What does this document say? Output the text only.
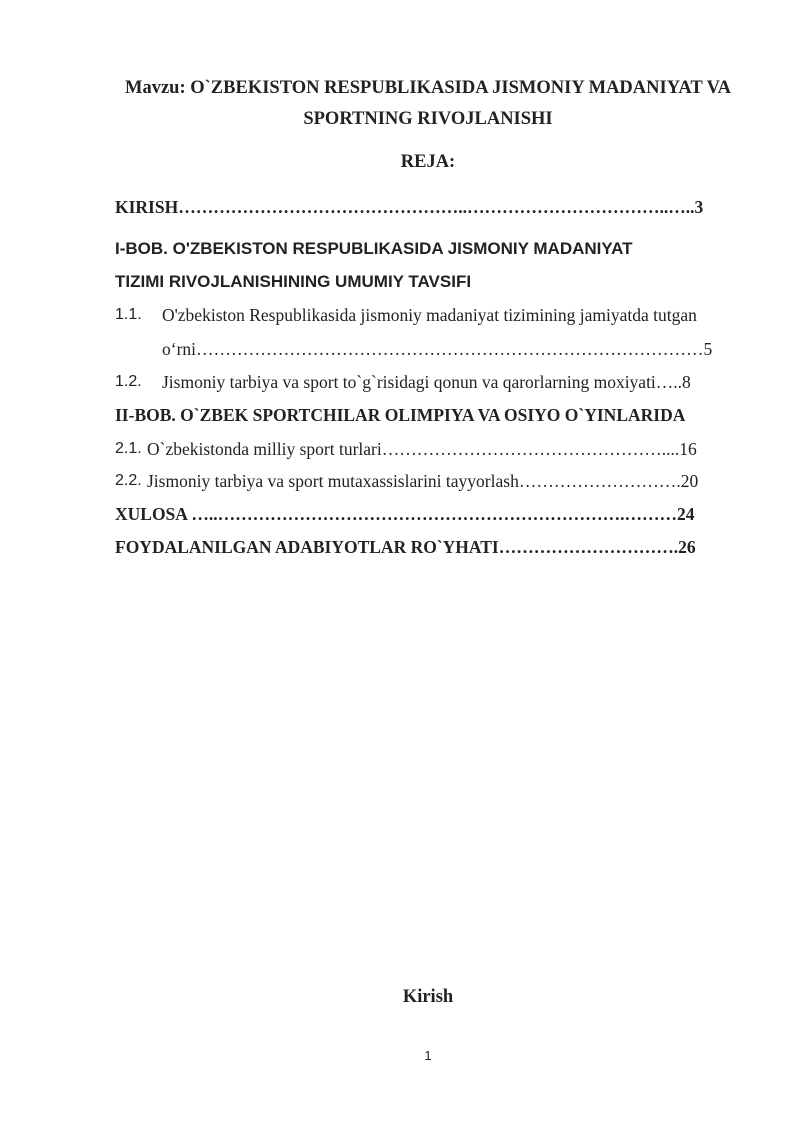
Mavzu: O`ZBEKISTON RESPUBLIKASIDA JISMONIY MADANIYAT VA
SPORTNING RIVOJLANISHI
REJA:
KIRISH…………………………………………..……………………………..…..3
I-BOB. O'ZBEKISTON RESPUBLIKASIDA JISMONIY MADANIYAT
TIZIMI RIVOJLANISHINING UMUMIY TAVSIFI
1.1. O'zbekiston Respublikasida jismoniy madaniyat tizimining jamiyatda tutgan
o‘rni……………………………………………………………………………5
1.2. Jismoniy tarbiya va sport to`g`risidagi qonun va qarorlarning moxiyati…..8
II-BOB. O`ZBEK SPORTCHILAR OLIMPIYA VA OSIYO O`YINLARIDA
2.1. O`zbekistonda milliy sport turlari…………………………………………....16
2.2. Jismoniy tarbiya va sport mutaxassislarini tayyorlash……………………….20
XULOSA …..…………………………………………………………….………24
FOYDALANILGAN ADABIYOTLAR RO`YHATI………………………….26
Kirish
1
